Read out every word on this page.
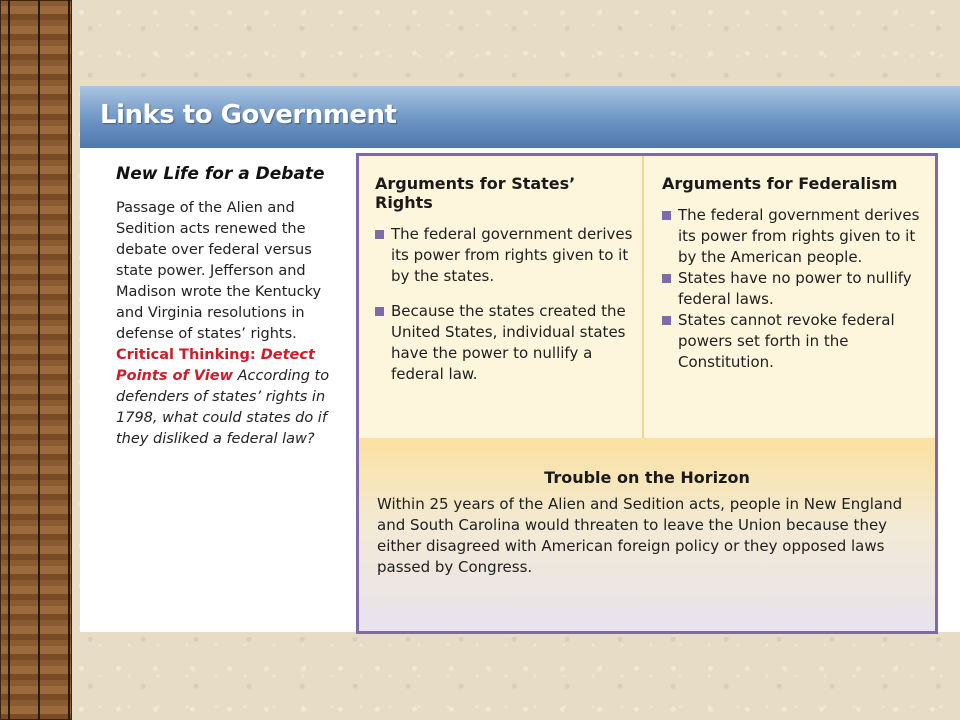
Links to Government
New Life for a Debate

Passage of the Alien and Sedition acts renewed the debate over federal versus state power. Jefferson and Madison wrote the Kentucky and Virginia resolutions in defense of states’ rights. Critical Thinking: Detect Points of View According to defenders of states’ rights in 1798, what could states do if they disliked a federal law?

Arguments for States’ Rights
The federal government derives its power from rights given to it by the states.
Because the states created the United States, individual states have the power to nullify a federal law.
Arguments for Federalism
The federal government derives its power from rights given to it by the American people.
States have no power to nullify federal laws.
States cannot revoke federal powers set forth in the Constitution.
Trouble on the Horizon

Within 25 years of the Alien and Sedition acts, people in New England and South Carolina would threaten to leave the Union because they either disagreed with American foreign policy or they opposed laws passed by Congress.
